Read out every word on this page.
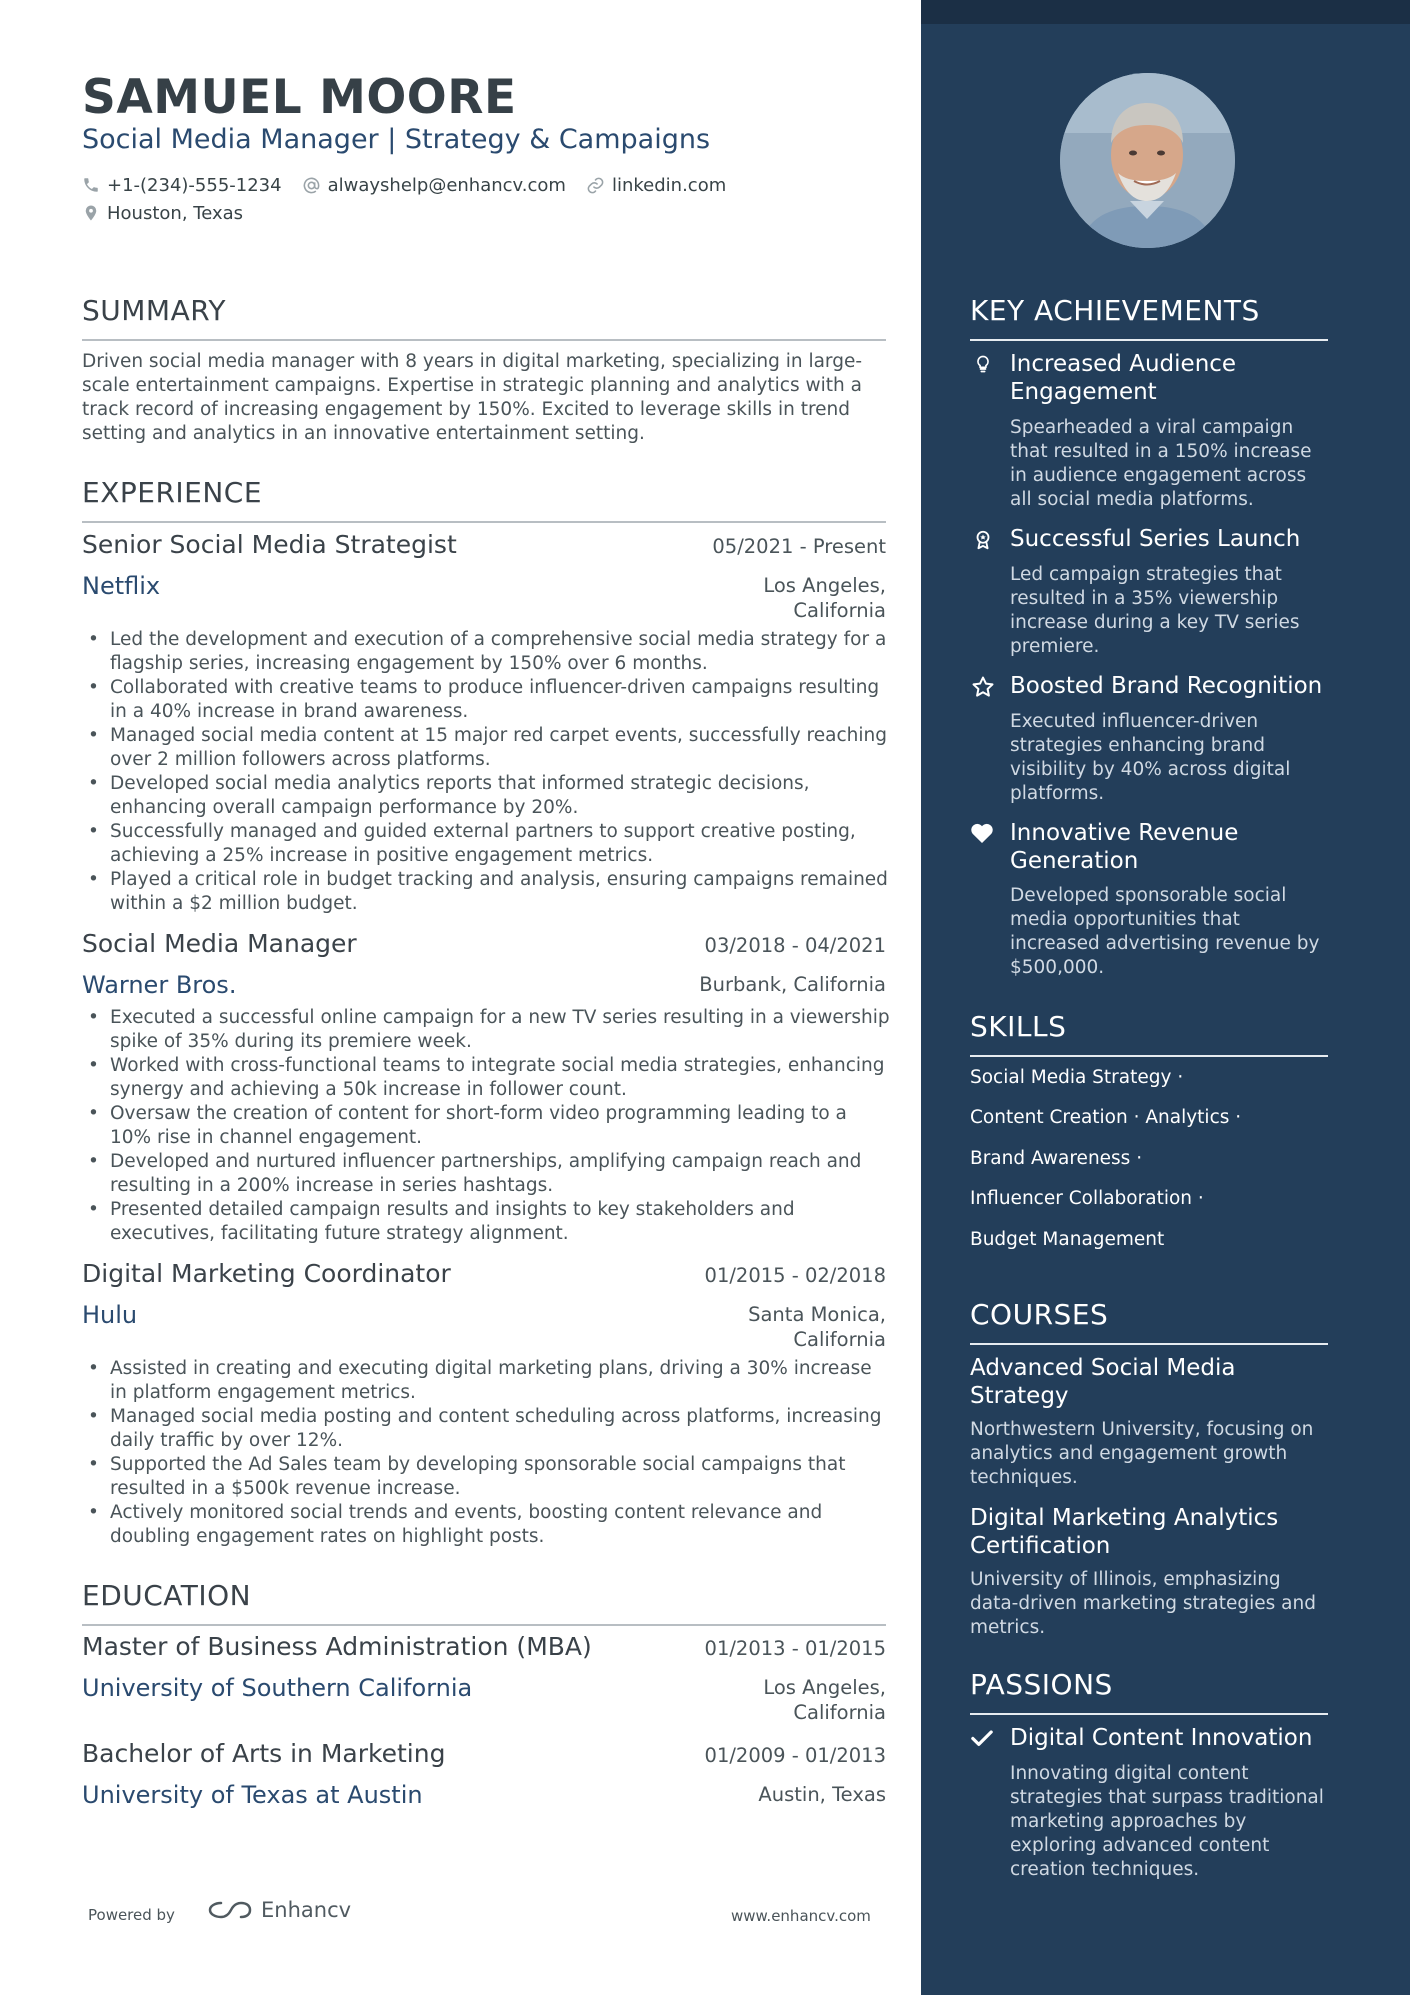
SAMUEL MOORE
Social Media Manager | Strategy & Campaigns
+1-(234)-555-1234	alwayshelp@enhancv.com	linkedin.com
Houston, Texas
SUMMARY
Driven social media manager with 8 years in digital marketing, specializing in large-scale entertainment campaigns. Expertise in strategic planning and analytics with a track record of increasing engagement by 150%. Excited to leverage skills in trend setting and analytics in an innovative entertainment setting.
EXPERIENCE
Senior Social Media Strategist	05/2021 - Present
Netflix	Los Angeles,
California
• Led the development and execution of a comprehensive social media strategy for a flagship series, increasing engagement by 150% over 6 months.
• Collaborated with creative teams to produce influencer-driven campaigns resulting in a 40% increase in brand awareness.
• Managed social media content at 15 major red carpet events, successfully reaching over 2 million followers across platforms.
• Developed social media analytics reports that informed strategic decisions, enhancing overall campaign performance by 20%.
• Successfully managed and guided external partners to support creative posting, achieving a 25% increase in positive engagement metrics.
• Played a critical role in budget tracking and analysis, ensuring campaigns remained within a $2 million budget.
Social Media Manager	03/2018 - 04/2021
Warner Bros.	Burbank, California
• Executed a successful online campaign for a new TV series resulting in a viewership spike of 35% during its premiere week.
• Worked with cross-functional teams to integrate social media strategies, enhancing synergy and achieving a 50k increase in follower count.
• Oversaw the creation of content for short-form video programming leading to a 10% rise in channel engagement.
• Developed and nurtured influencer partnerships, amplifying campaign reach and resulting in a 200% increase in series hashtags.
• Presented detailed campaign results and insights to key stakeholders and executives, facilitating future strategy alignment.
Digital Marketing Coordinator	01/2015 - 02/2018
Hulu	Santa Monica,
California
• Assisted in creating and executing digital marketing plans, driving a 30% increase in platform engagement metrics.
• Managed social media posting and content scheduling across platforms, increasing daily traffic by over 12%.
• Supported the Ad Sales team by developing sponsorable social campaigns that resulted in a $500k revenue increase.
• Actively monitored social trends and events, boosting content relevance and doubling engagement rates on highlight posts.
EDUCATION
Master of Business Administration (MBA)	01/2013 - 01/2015
University of Southern California	Los Angeles,
California
Bachelor of Arts in Marketing	01/2009 - 01/2013
University of Texas at Austin	Austin, Texas
Powered by	Enhancv	www.enhancv.com
KEY ACHIEVEMENTS
Increased Audience
Engagement
Spearheaded a viral campaign that resulted in a 150% increase in audience engagement across all social media platforms.
Successful Series Launch
Led campaign strategies that resulted in a 35% viewership increase during a key TV series premiere.
Boosted Brand Recognition
Executed influencer-driven strategies enhancing brand visibility by 40% across digital platforms.
Innovative Revenue
Generation
Developed sponsorable social media opportunities that increased advertising revenue by $500,000.
SKILLS
Social Media Strategy ·
Content Creation · Analytics ·
Brand Awareness ·
Influencer Collaboration ·
Budget Management
COURSES
Advanced Social Media
Strategy
Northwestern University, focusing on analytics and engagement growth techniques.
Digital Marketing Analytics
Certification
University of Illinois, emphasizing data-driven marketing strategies and metrics.
PASSIONS
Digital Content Innovation
Innovating digital content strategies that surpass traditional marketing approaches by exploring advanced content creation techniques.
